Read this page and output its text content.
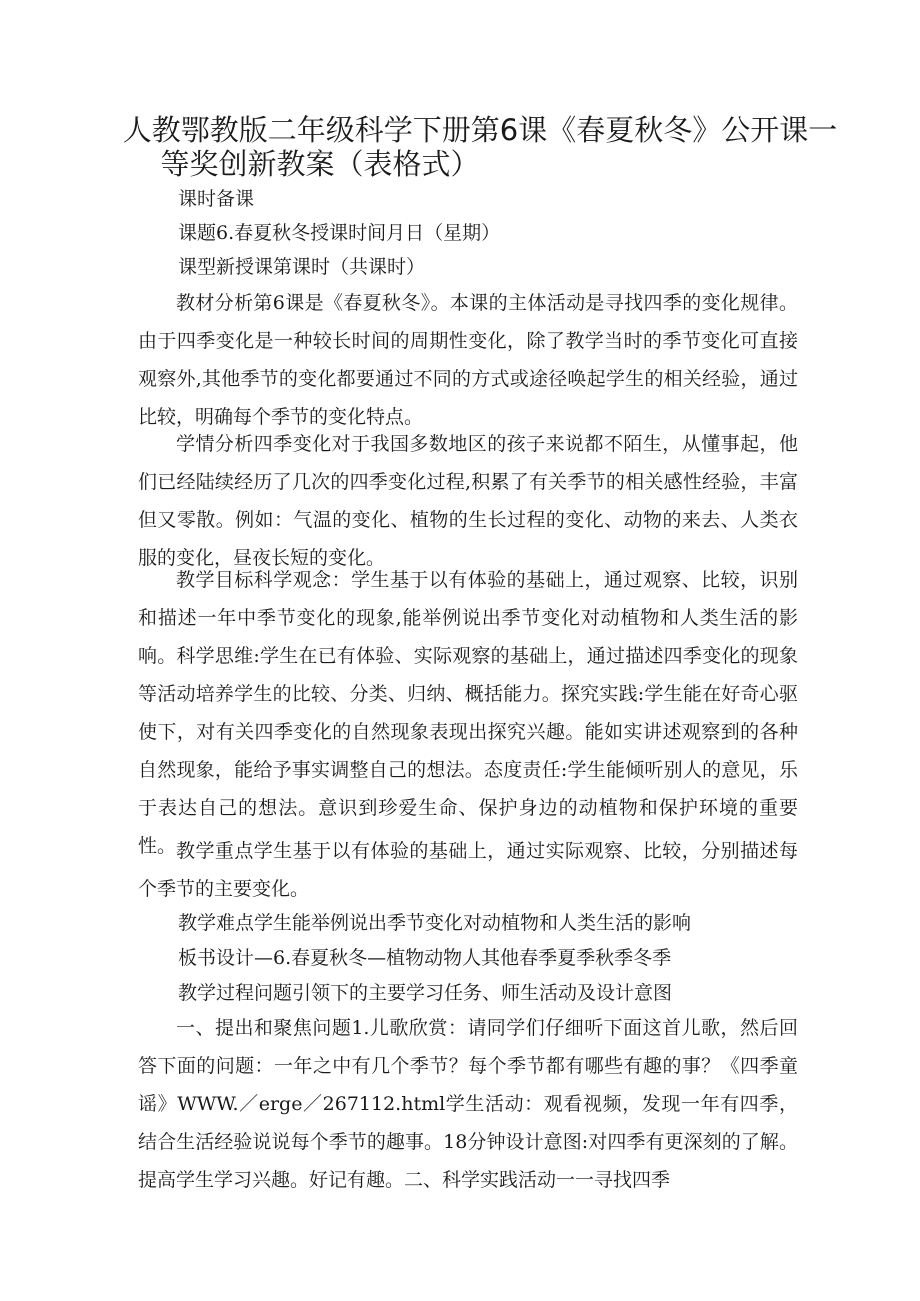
人教鄂教版二年级科学下册第6课《春夏秋冬》公开课一
等奖创新教案（表格式）

课时备课

课题6.春夏秋冬授课时间月日（星期）

课型新授课第课时（共课时）

教材分析第6课是《春夏秋冬》。本课的主体活动是寻找四季的变化规律。由于四季变化是一种较长时间的周期性变化，除了教学当时的季节变化可直接观察外,其他季节的变化都要通过不同的方式或途径唤起学生的相关经验，通过比较，明确每个季节的变化特点。

学情分析四季变化对于我国多数地区的孩子来说都不陌生，从懂事起，他们已经陆续经历了几次的四季变化过程,积累了有关季节的相关感性经验，丰富但又零散。例如：气温的变化、植物的生长过程的变化、动物的来去、人类衣服的变化，昼夜长短的变化。

教学目标科学观念：学生基于以有体验的基础上，通过观察、比较，识别和描述一年中季节变化的现象,能举例说出季节变化对动植物和人类生活的影响。科学思维:学生在已有体验、实际观察的基础上，通过描述四季变化的现象等活动培养学生的比较、分类、归纳、概括能力。探究实践:学生能在好奇心驱使下，对有关四季变化的自然现象表现出探究兴趣。能如实讲述观察到的各种自然现象，能给予事实调整自己的想法。态度责任:学生能倾听别人的意见，乐于表达自己的想法。意识到珍爱生命、保护身边的动植物和保护环境的重要性。 教学重点学生基于以有体验的基础上，通过实际观察、比较，分别描述每个季节的主要变化。

教学难点学生能举例说出季节变化对动植物和人类生活的影响

板书设计—6.春夏秋冬—植物动物人其他春季夏季秋季冬季

教学过程问题引领下的主要学习任务、师生活动及设计意图

一、提出和聚焦问题1.儿歌欣赏：请同学们仔细听下面这首儿歌，然后回答下面的问题：一年之中有几个季节？每个季节都有哪些有趣的事？《四季童谣》WWW.／erge／267112.html学生活动：观看视频，发现一年有四季，结合生活经验说说每个季节的趣事。18分钟设计意图:对四季有更深刻的了解。提高学生学习兴趣。好记有趣。二、科学实践活动一一寻找四季
